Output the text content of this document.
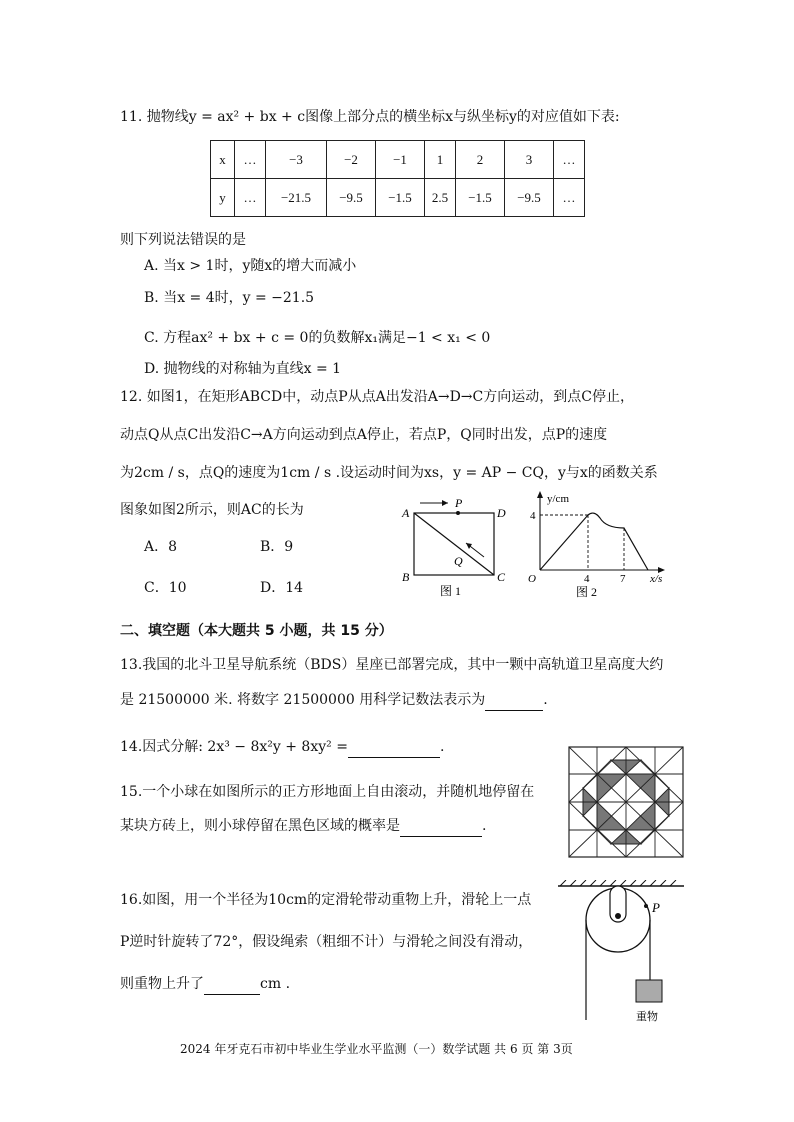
11. 抛物线y = ax² + bx + c图像上部分点的横坐标x与纵坐标y的对应值如下表:
x	…	−3	−2	−1	1	2	3	…
y	…	−21.5	−9.5	−1.5	2.5	−1.5	−9.5	…
则下列说法错误的是
A. 当x > 1时，y随x的增大而减小
B. 当x = 4时，y = −21.5
C. 方程ax² + bx + c = 0的负数解x₁满足−1 < x₁ < 0
D. 抛物线的对称轴为直线x = 1
12. 如图1，在矩形ABCD中，动点P从点A出发沿A→D→C方向运动，到点C停止，
动点Q从点C出发沿C→A方向运动到点A停止，若点P，Q同时出发，点P的速度
为2cm / s，点Q的速度为1cm / s .设运动时间为xs，y = AP − CQ，y与x的函数关系
图象如图2所示，则AC的长为
A．8	B．9
C．10	D．14
A
B	C
D
P
Q
图 1
y/cm
x/s
O
4
4	7
图 2
二、填空题（本大题共 5 小题，共 15 分）
13.我国的北斗卫星导航系统（BDS）星座已部署完成，其中一颗中高轨道卫星高度大约
是 21500000 米. 将数字 21500000 用科学记数法表示为	.
14.因式分解: 2x³ − 8x²y + 8xy² =	.
15.一个小球在如图所示的正方形地面上自由滚动，并随机地停留在
某块方砖上，则小球停留在黑色区域的概率是	.
16.如图，用一个半径为10cm的定滑轮带动重物上升，滑轮上一点
P逆时针旋转了72°，假设绳索（粗细不计）与滑轮之间没有滑动，
则重物上升了	cm .
P
重物
2024 年牙克石市初中毕业生学业水平监测（一）数学试题 共 6 页 第 3页
